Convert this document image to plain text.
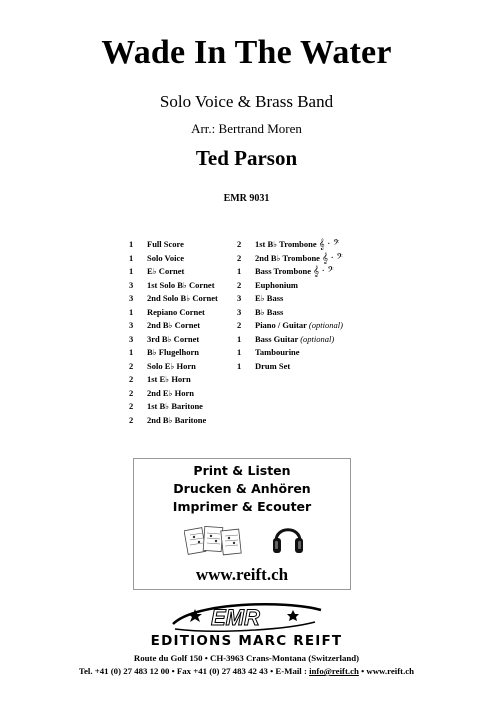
Wade In The Water
Solo Voice & Brass Band
Arr.: Bertrand Moren
Ted Parson
EMR 9031
1 Full Score
1 Solo Voice
1 E♭ Cornet
3 1st Solo B♭ Cornet
3 2nd Solo B♭ Cornet
1 Repiano Cornet
3 2nd B♭ Cornet
3 3rd B♭ Cornet
1 B♭ Flugelhorn
2 Solo E♭ Horn
2 1st E♭ Horn
2 2nd E♭ Horn
2 1st B♭ Baritone
2 2nd B♭ Baritone
2 1st B♭ Trombone 𝄞 · 𝄢
2 2nd B♭ Trombone 𝄞 · 𝄢
1 Bass Trombone 𝄞 · 𝄢
2 Euphonium
3 E♭ Bass
3 B♭ Bass
2 Piano / Guitar (optional)
1 Bass Guitar (optional)
1 Tambourine
1 Drum Set
Print & Listen
Drucken & Anhören
Imprimer & Ecouter
www.reift.ch
EMR
EDITIONS MARC REIFT
Route du Golf 150 • CH-3963 Crans-Montana (Switzerland)
Tel. +41 (0) 27 483 12 00 • Fax +41 (0) 27 483 42 43 • E-Mail : info@reift.ch • www.reift.ch
